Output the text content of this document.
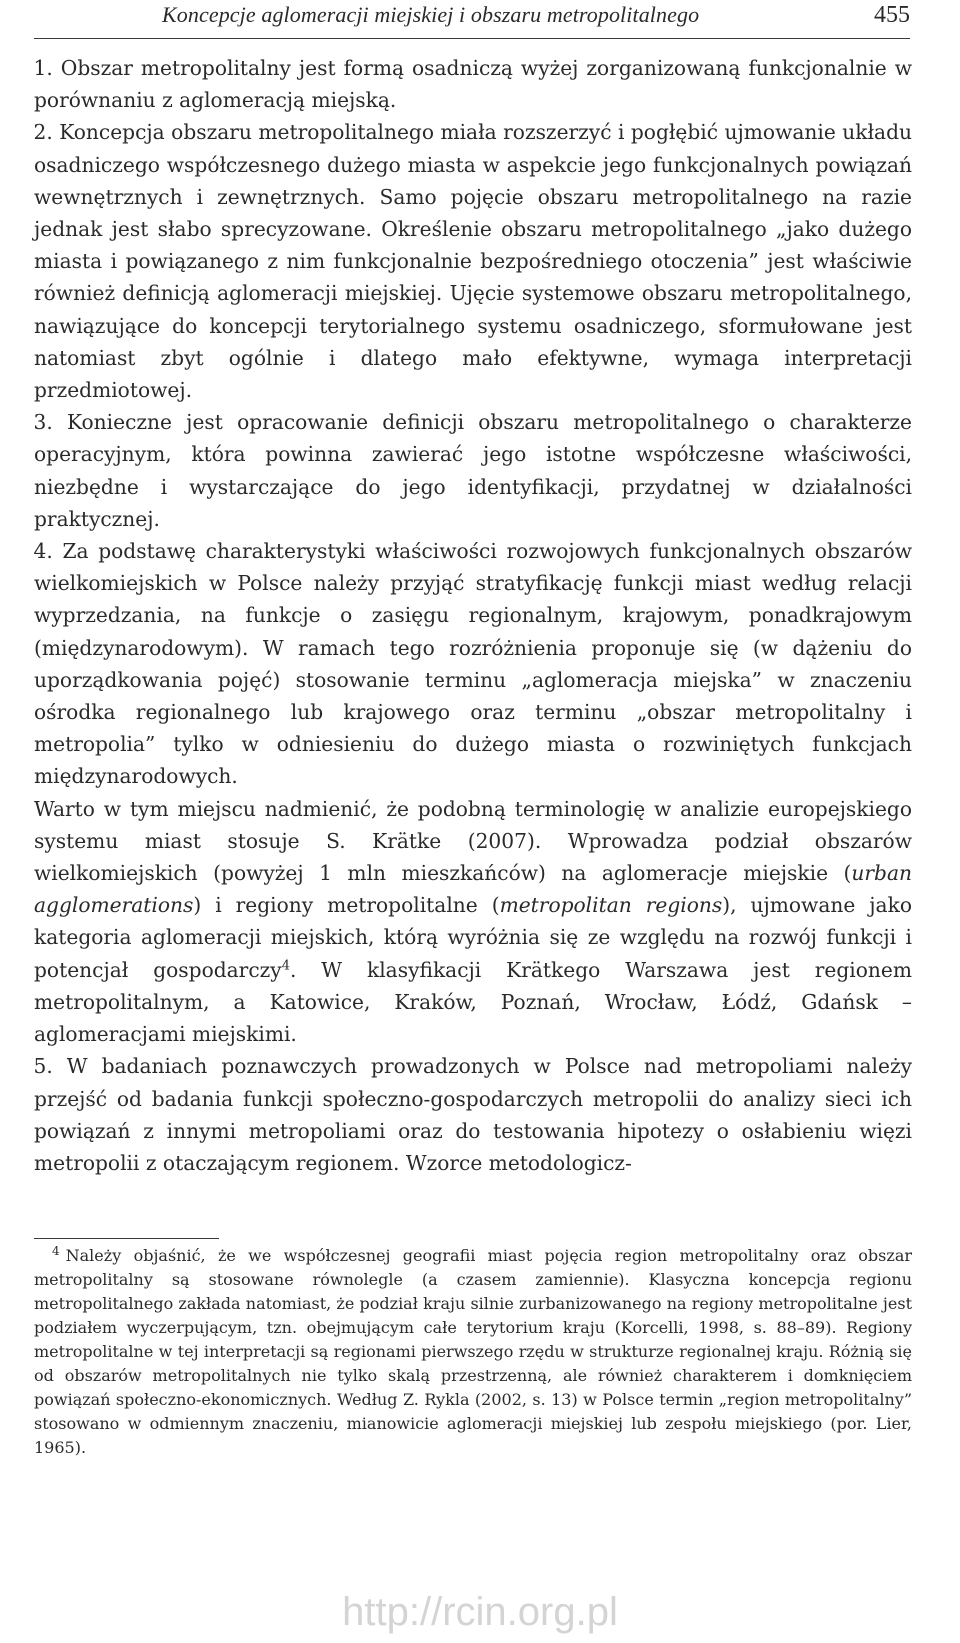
Koncepcje aglomeracji miejskiej i obszaru metropolitalnego	455

1. Obszar metropolitalny jest formą osadniczą wyżej zorganizowaną funkcjonalnie w porównaniu z aglomeracją miejską.

2. Koncepcja obszaru metropolitalnego miała rozszerzyć i pogłębić ujmowanie układu osadniczego współczesnego dużego miasta w aspekcie jego funkcjonalnych powiązań wewnętrznych i zewnętrznych. Samo pojęcie obszaru metropolitalnego na razie jednak jest słabo sprecyzowane. Określenie obszaru metropolitalnego „jako dużego miasta i powiązanego z nim funkcjonalnie bezpośredniego otoczenia” jest właściwie również definicją aglomeracji miejskiej. Ujęcie systemowe obszaru metropolitalnego, nawiązujące do koncepcji terytorialnego systemu osadniczego, sformułowane jest natomiast zbyt ogólnie i dlatego mało efektywne, wymaga interpretacji przedmiotowej.

3. Konieczne jest opracowanie definicji obszaru metropolitalnego o charakterze operacyjnym, która powinna zawierać jego istotne współczesne właściwości, niezbędne i wystarczające do jego identyfikacji, przydatnej w działalności praktycznej.

4. Za podstawę charakterystyki właściwości rozwojowych funkcjonalnych obszarów wielkomiejskich w Polsce należy przyjąć stratyfikację funkcji miast według relacji wyprzedzania, na funkcje o zasięgu regionalnym, krajowym, ponadkrajowym (międzynarodowym). W ramach tego rozróżnienia proponuje się (w dążeniu do uporządkowania pojęć) stosowanie terminu „aglomeracja miejska” w znaczeniu ośrodka regionalnego lub krajowego oraz terminu „obszar metropolitalny i metropolia” tylko w odniesieniu do dużego miasta o rozwiniętych funkcjach międzynarodowych.

Warto w tym miejscu nadmienić, że podobną terminologię w analizie europejskiego systemu miast stosuje S. Krätke (2007). Wprowadza podział obszarów wielkomiejskich (powyżej 1 mln mieszkańców) na aglomeracje miejskie (urban agglomerations) i regiony metropolitalne (metropolitan regions), ujmowane jako kategoria aglomeracji miejskich, którą wyróżnia się ze względu na rozwój funkcji i potencjał gospodarczy$^4$. W klasyfikacji Krätkego Warszawa jest regionem metropolitalnym, a Katowice, Kraków, Poznań, Wrocław, Łódź, Gdańsk – aglomeracjami miejskimi.

5. W badaniach poznawczych prowadzonych w Polsce nad metropoliami należy przejść od badania funkcji społeczno-gospodarczych metropolii do analizy sieci ich powiązań z innymi metropoliami oraz do testowania hipotezy o osłabieniu więzi metropolii z otaczającym regionem. Wzorce metodologicz-

$^4$ Należy objaśnić, że we współczesnej geografii miast pojęcia region metropolitalny oraz obszar metropolitalny są stosowane równolegle (a czasem zamiennie). Klasyczna koncepcja regionu metropolitalnego zakłada natomiast, że podział kraju silnie zurbanizowanego na regiony metropolitalne jest podziałem wyczerpującym, tzn. obejmującym całe terytorium kraju (Korcelli, 1998, s. 88–89). Regiony metropolitalne w tej interpretacji są regionami pierwszego rzędu w strukturze regionalnej kraju. Różnią się od obszarów metropolitalnych nie tylko skalą przestrzenną, ale również charakterem i domknięciem powiązań społeczno-ekonomicznych. Według Z. Rykla (2002, s. 13) w Polsce termin „region metropolitalny” stosowano w odmiennym znaczeniu, mianowicie aglomeracji miejskiej lub zespołu miejskiego (por. Lier, 1965).
http://rcin.org.pl
